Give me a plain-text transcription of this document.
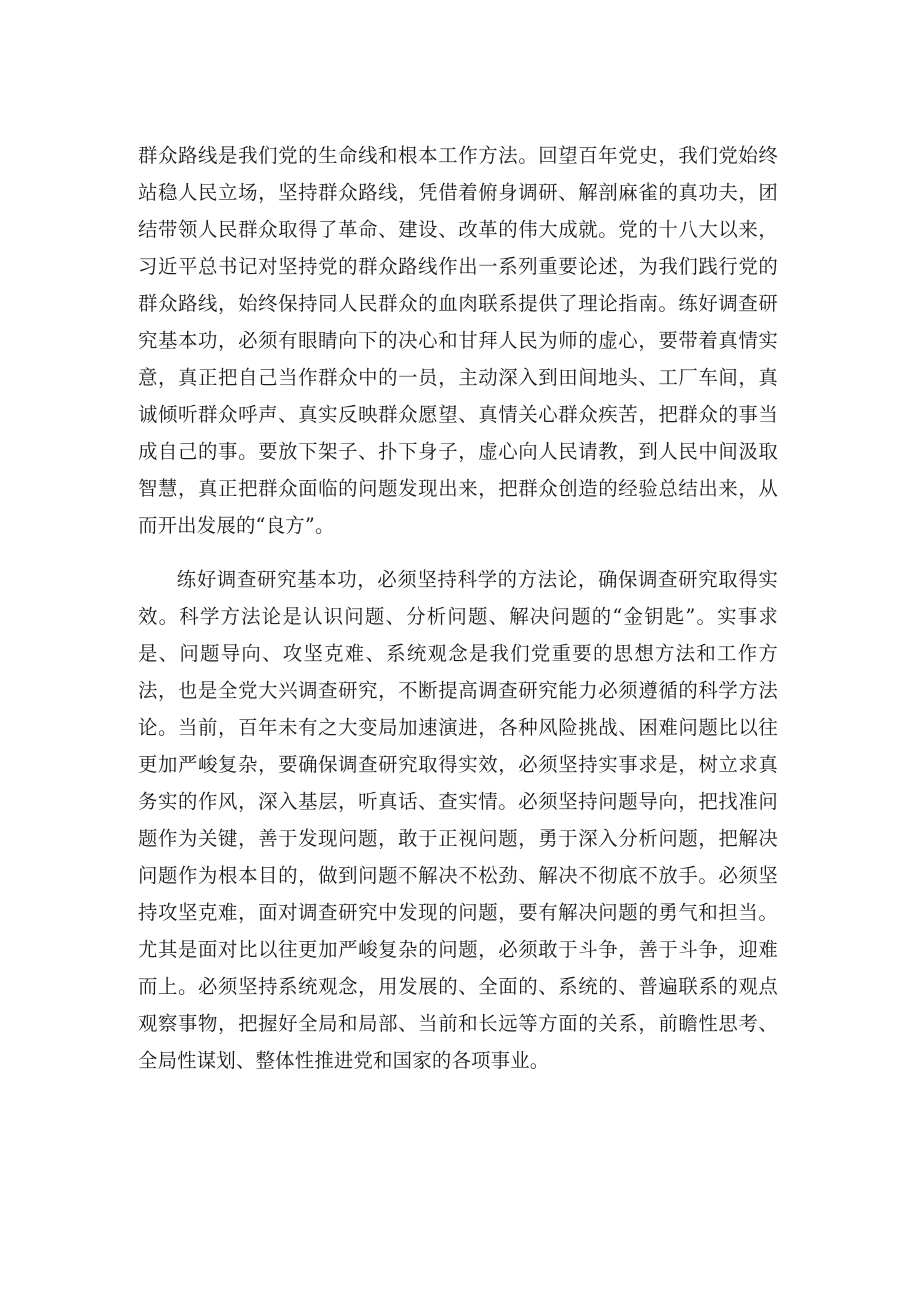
群众路线是我们党的生命线和根本工作方法。回望百年党史，我们党始终站稳人民立场，坚持群众路线，凭借着俯身调研、解剖麻雀的真功夫，团结带领人民群众取得了革命、建设、改革的伟大成就。党的十八大以来，习近平总书记对坚持党的群众路线作出一系列重要论述，为我们践行党的群众路线，始终保持同人民群众的血肉联系提供了理论指南。练好调查研究基本功，必须有眼睛向下的决心和甘拜人民为师的虚心，要带着真情实意，真正把自己当作群众中的一员，主动深入到田间地头、工厂车间，真诚倾听群众呼声、真实反映群众愿望、真情关心群众疾苦，把群众的事当成自己的事。要放下架子、扑下身子，虚心向人民请教，到人民中间汲取智慧，真正把群众面临的问题发现出来，把群众创造的经验总结出来，从而开出发展的“良方”。

练好调查研究基本功，必须坚持科学的方法论，确保调查研究取得实效。科学方法论是认识问题、分析问题、解决问题的“金钥匙”。实事求是、问题导向、攻坚克难、系统观念是我们党重要的思想方法和工作方法，也是全党大兴调查研究，不断提高调查研究能力必须遵循的科学方法论。当前，百年未有之大变局加速演进，各种风险挑战、困难问题比以往更加严峻复杂，要确保调查研究取得实效，必须坚持实事求是，树立求真务实的作风，深入基层，听真话、查实情。必须坚持问题导向，把找准问题作为关键，善于发现问题，敢于正视问题，勇于深入分析问题，把解决问题作为根本目的，做到问题不解决不松劲、解决不彻底不放手。必须坚持攻坚克难，面对调查研究中发现的问题，要有解决问题的勇气和担当。尤其是面对比以往更加严峻复杂的问题，必须敢于斗争，善于斗争，迎难而上。必须坚持系统观念，用发展的、全面的、系统的、普遍联系的观点观察事物，把握好全局和局部、当前和长远等方面的关系，前瞻性思考、全局性谋划、整体性推进党和国家的各项事业。
